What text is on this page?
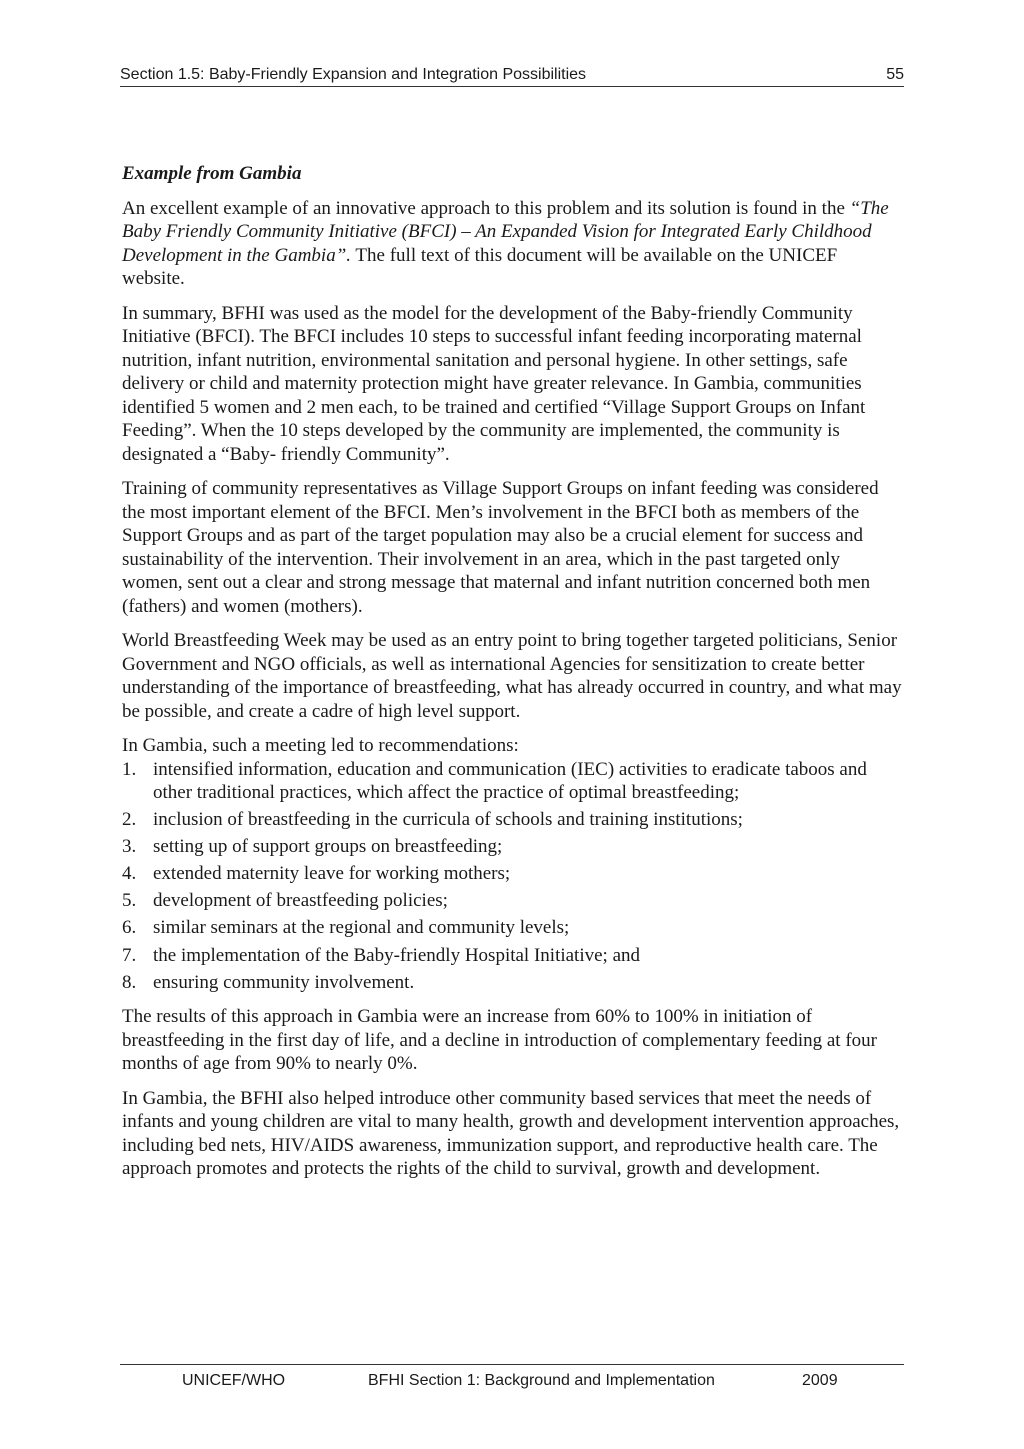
Section 1.5: Baby-Friendly Expansion and Integration Possibilities	55

Example from Gambia

An excellent example of an innovative approach to this problem and its solution is found in the “The Baby Friendly Community Initiative (BFCI) – An Expanded Vision for Integrated Early Childhood Development in the Gambia”. The full text of this document will be available on the UNICEF website.

In summary, BFHI was used as the model for the development of the Baby-friendly Community Initiative (BFCI). The BFCI includes 10 steps to successful infant feeding incorporating maternal nutrition, infant nutrition, environmental sanitation and personal hygiene. In other settings, safe delivery or child and maternity protection might have greater relevance. In Gambia, communities identified 5 women and 2 men each, to be trained and certified “Village Support Groups on Infant Feeding”. When the 10 steps developed by the community are implemented, the community is designated a “Baby- friendly Community”.

Training of community representatives as Village Support Groups on infant feeding was considered the most important element of the BFCI. Men’s involvement in the BFCI both as members of the Support Groups and as part of the target population may also be a crucial element for success and sustainability of the intervention. Their involvement in an area, which in the past targeted only women, sent out a clear and strong message that maternal and infant nutrition concerned both men (fathers) and women (mothers).

World Breastfeeding Week may be used as an entry point to bring together targeted politicians, Senior Government and NGO officials, as well as international Agencies for sensitization to create better understanding of the importance of breastfeeding, what has already occurred in country, and what may be possible, and create a cadre of high level support.

In Gambia, such a meeting led to recommendations:

1. intensified information, education and communication (IEC) activities to eradicate taboos and other traditional practices, which affect the practice of optimal breastfeeding;
2. inclusion of breastfeeding in the curricula of schools and training institutions;
3. setting up of support groups on breastfeeding;
4. extended maternity leave for working mothers;
5. development of breastfeeding policies;
6. similar seminars at the regional and community levels;
7. the implementation of the Baby-friendly Hospital Initiative; and
8. ensuring community involvement.

The results of this approach in Gambia were an increase from 60% to 100% in initiation of breastfeeding in the first day of life, and a decline in introduction of complementary feeding at four months of age from 90% to nearly 0%.

In Gambia, the BFHI also helped introduce other community based services that meet the needs of infants and young children are vital to many health, growth and development intervention approaches, including bed nets, HIV/AIDS awareness, immunization support, and reproductive health care. The approach promotes and protects the rights of the child to survival, growth and development.

UNICEF/WHO	BFHI Section 1: Background and Implementation	2009
